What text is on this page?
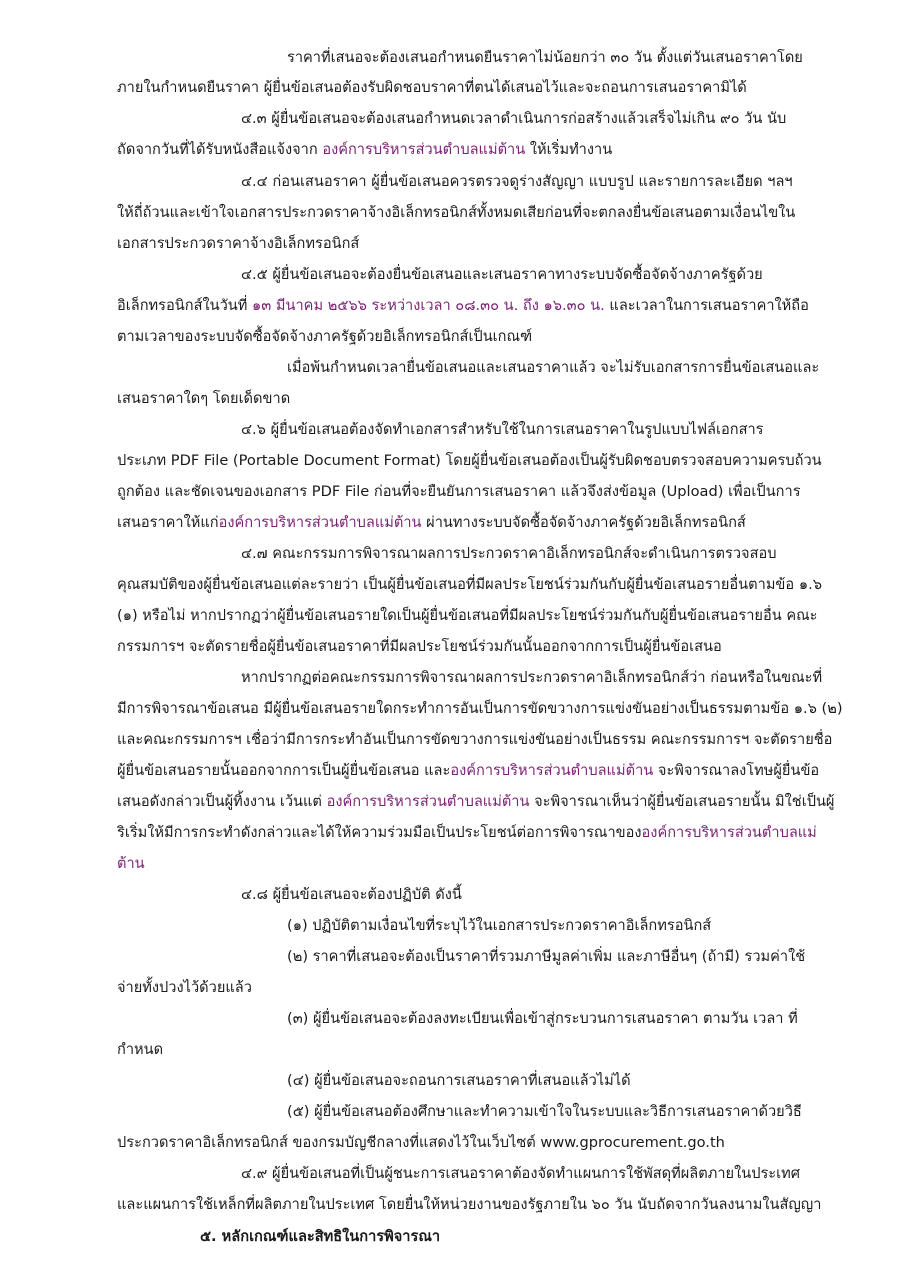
ราคาที่เสนอจะต้องเสนอกำหนดยืนราคาไม่น้อยกว่า ๓๐ วัน ตั้งแต่วันเสนอราคาโดย
ภายในกำหนดยืนราคา ผู้ยื่นข้อเสนอต้องรับผิดชอบราคาที่ตนได้เสนอไว้และจะถอนการเสนอราคามิได้
๔.๓ ผู้ยื่นข้อเสนอจะต้องเสนอกำหนดเวลาดำเนินการก่อสร้างแล้วเสร็จไม่เกิน ๙๐ วัน นับ
ถัดจากวันที่ได้รับหนังสือแจ้งจาก องค์การบริหารส่วนตำบลแม่ต้าน ให้เริ่มทำงาน
๔.๔ ก่อนเสนอราคา ผู้ยื่นข้อเสนอควรตรวจดูร่างสัญญา แบบรูป และรายการละเอียด ฯลฯ
ให้ถี่ถ้วนและเข้าใจเอกสารประกวดราคาจ้างอิเล็กทรอนิกส์ทั้งหมดเสียก่อนที่จะตกลงยื่นข้อเสนอตามเงื่อนไขใน
เอกสารประกวดราคาจ้างอิเล็กทรอนิกส์
๔.๕ ผู้ยื่นข้อเสนอจะต้องยื่นข้อเสนอและเสนอราคาทางระบบจัดซื้อจัดจ้างภาครัฐด้วย
อิเล็กทรอนิกส์ในวันที่ ๑๓ มีนาคม ๒๕๖๖ ระหว่างเวลา ๐๘.๓๐ น. ถึง ๑๖.๓๐ น. และเวลาในการเสนอราคาให้ถือ
ตามเวลาของระบบจัดซื้อจัดจ้างภาครัฐด้วยอิเล็กทรอนิกส์เป็นเกณฑ์
เมื่อพ้นกำหนดเวลายื่นข้อเสนอและเสนอราคาแล้ว จะไม่รับเอกสารการยื่นข้อเสนอและ
เสนอราคาใดๆ โดยเด็ดขาด
๔.๖ ผู้ยื่นข้อเสนอต้องจัดทำเอกสารสำหรับใช้ในการเสนอราคาในรูปแบบไฟล์เอกสาร
ประเภท PDF File (Portable Document Format) โดยผู้ยื่นข้อเสนอต้องเป็นผู้รับผิดชอบตรวจสอบความครบถ้วน
ถูกต้อง และชัดเจนของเอกสาร PDF File ก่อนที่จะยืนยันการเสนอราคา แล้วจึงส่งข้อมูล (Upload) เพื่อเป็นการ
เสนอราคาให้แก่องค์การบริหารส่วนตำบลแม่ต้าน ผ่านทางระบบจัดซื้อจัดจ้างภาครัฐด้วยอิเล็กทรอนิกส์
๔.๗ คณะกรรมการพิจารณาผลการประกวดราคาอิเล็กทรอนิกส์จะดำเนินการตรวจสอบ
คุณสมบัติของผู้ยื่นข้อเสนอแต่ละรายว่า เป็นผู้ยื่นข้อเสนอที่มีผลประโยชน์ร่วมกันกับผู้ยื่นข้อเสนอรายอื่นตามข้อ ๑.๖
(๑) หรือไม่ หากปรากฏว่าผู้ยื่นข้อเสนอรายใดเป็นผู้ยื่นข้อเสนอที่มีผลประโยชน์ร่วมกันกับผู้ยื่นข้อเสนอรายอื่น คณะ
กรรมการฯ จะตัดรายชื่อผู้ยื่นข้อเสนอราคาที่มีผลประโยชน์ร่วมกันนั้นออกจากการเป็นผู้ยื่นข้อเสนอ
หากปรากฏต่อคณะกรรมการพิจารณาผลการประกวดราคาอิเล็กทรอนิกส์ว่า ก่อนหรือในขณะที่
มีการพิจารณาข้อเสนอ มีผู้ยื่นข้อเสนอรายใดกระทำการอันเป็นการขัดขวางการแข่งขันอย่างเป็นธรรมตามข้อ ๑.๖ (๒)
และคณะกรรมการฯ เชื่อว่ามีการกระทำอันเป็นการขัดขวางการแข่งขันอย่างเป็นธรรม คณะกรรมการฯ จะตัดรายชื่อ
ผู้ยื่นข้อเสนอรายนั้นออกจากการเป็นผู้ยื่นข้อเสนอ และองค์การบริหารส่วนตำบลแม่ต้าน จะพิจารณาลงโทษผู้ยื่นข้อ
เสนอดังกล่าวเป็นผู้ทิ้งงาน เว้นแต่ องค์การบริหารส่วนตำบลแม่ต้าน จะพิจารณาเห็นว่าผู้ยื่นข้อเสนอรายนั้น มิใช่เป็นผู้
ริเริ่มให้มีการกระทำดังกล่าวและได้ให้ความร่วมมือเป็นประโยชน์ต่อการพิจารณาขององค์การบริหารส่วนตำบลแม่
ต้าน
๔.๘ ผู้ยื่นข้อเสนอจะต้องปฏิบัติ ดังนี้
(๑) ปฏิบัติตามเงื่อนไขที่ระบุไว้ในเอกสารประกวดราคาอิเล็กทรอนิกส์
(๒) ราคาที่เสนอจะต้องเป็นราคาที่รวมภาษีมูลค่าเพิ่ม และภาษีอื่นๆ (ถ้ามี) รวมค่าใช้
จ่ายทั้งปวงไว้ด้วยแล้ว
(๓) ผู้ยื่นข้อเสนอจะต้องลงทะเบียนเพื่อเข้าสู่กระบวนการเสนอราคา ตามวัน เวลา ที่
กำหนด
(๔) ผู้ยื่นข้อเสนอจะถอนการเสนอราคาที่เสนอแล้วไม่ได้
(๕) ผู้ยื่นข้อเสนอต้องศึกษาและทำความเข้าใจในระบบและวิธีการเสนอราคาด้วยวิธี
ประกวดราคาอิเล็กทรอนิกส์ ของกรมบัญชีกลางที่แสดงไว้ในเว็บไซต์ www.gprocurement.go.th
๔.๙ ผู้ยื่นข้อเสนอที่เป็นผู้ชนะการเสนอราคาต้องจัดทำแผนการใช้พัสดุที่ผลิตภายในประเทศ
และแผนการใช้เหล็กที่ผลิตภายในประเทศ โดยยื่นให้หน่วยงานของรัฐภายใน ๖๐ วัน นับถัดจากวันลงนามในสัญญา
๕. หลักเกณฑ์และสิทธิในการพิจารณา
